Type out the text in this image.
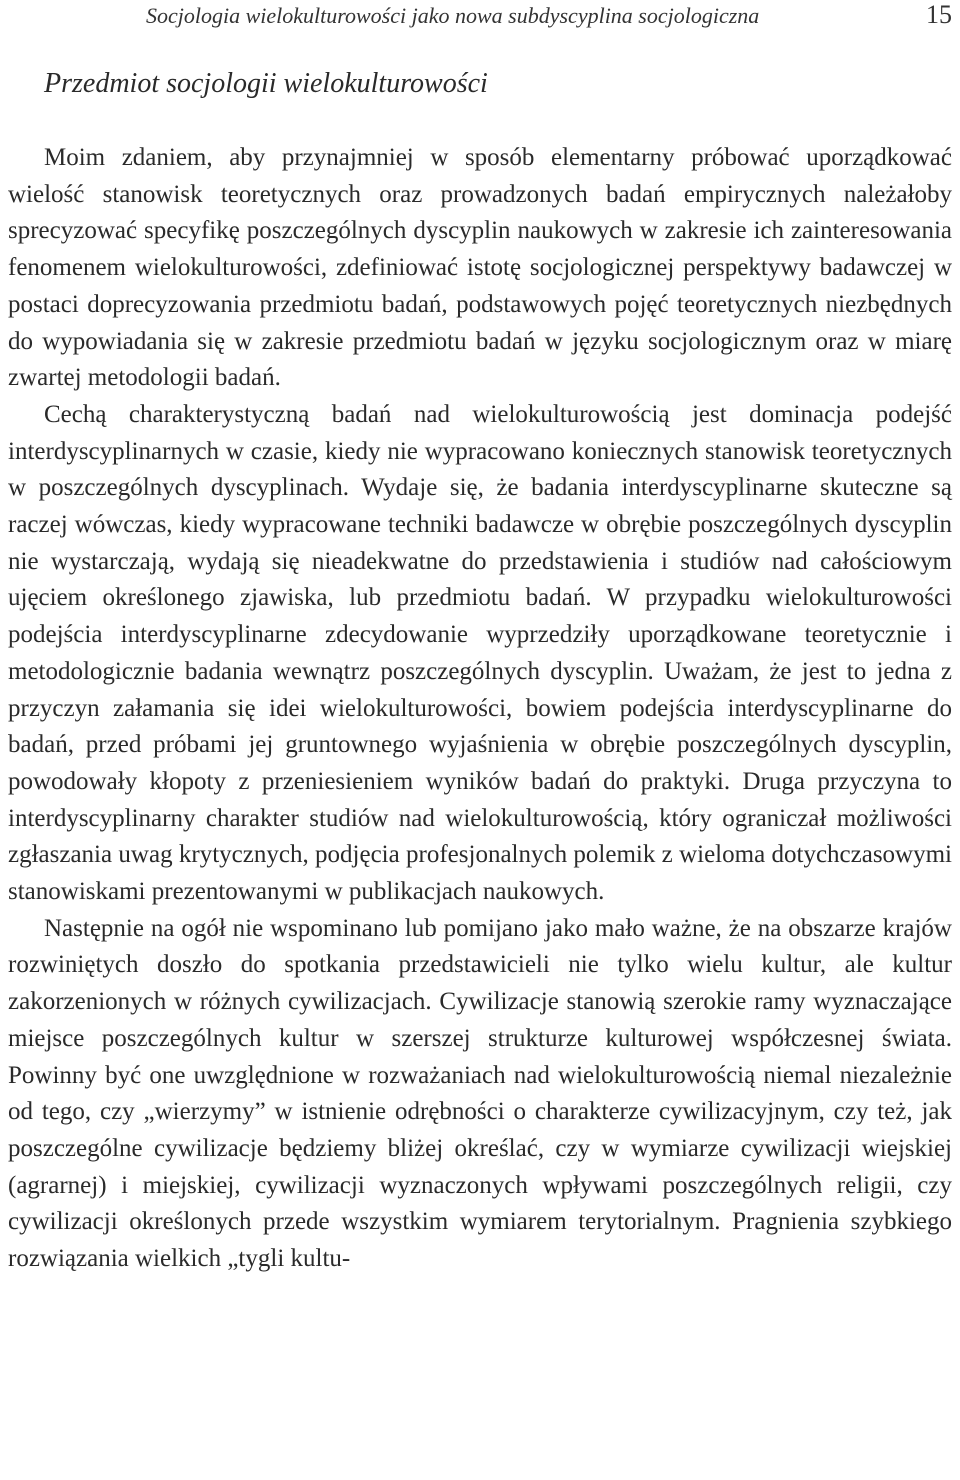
Socjologia wielokulturowości jako nowa subdyscyplina socjologiczna	15
Przedmiot socjologii wielokulturowości

Moim zdaniem, aby przynajmniej w sposób elementarny próbować uporządkować wielość stanowisk teoretycznych oraz prowadzonych badań empirycznych należałoby sprecyzować specyfikę poszczególnych dyscyplin naukowych w zakresie ich zainteresowania fenomenem wielokulturowości, zdefiniować istotę socjologicznej perspektywy badawczej w postaci doprecyzowania przedmiotu badań, podstawowych pojęć teoretycznych niezbędnych do wypowiadania się w zakresie przedmiotu badań w języku socjologicznym oraz w miarę zwartej metodologii badań.

Cechą charakterystyczną badań nad wielokulturowością jest dominacja podejść interdyscyplinarnych w czasie, kiedy nie wypracowano koniecznych stanowisk teoretycznych w poszczególnych dyscyplinach. Wydaje się, że badania interdyscyplinarne skuteczne są raczej wówczas, kiedy wypracowane techniki badawcze w obrębie poszczególnych dyscyplin nie wystarczają, wydają się nieadekwatne do przedstawienia i studiów nad całościowym ujęciem określonego zjawiska, lub przedmiotu badań. W przypadku wielokulturowości podejścia interdyscyplinarne zdecydowanie wyprzedziły uporządkowane teoretycznie i metodologicznie badania wewnątrz poszczególnych dyscyplin. Uważam, że jest to jedna z przyczyn załamania się idei wielokulturowości, bowiem podejścia interdyscyplinarne do badań, przed próbami jej gruntownego wyjaśnienia w obrębie poszczególnych dyscyplin, powodowały kłopoty z przeniesieniem wyników badań do praktyki. Druga przyczyna to interdyscyplinarny charakter studiów nad wielokulturowością, który ograniczał możliwości zgłaszania uwag krytycznych, podjęcia profesjonalnych polemik z wieloma dotychczasowymi stanowiskami prezentowanymi w publikacjach naukowych.

Następnie na ogół nie wspominano lub pomijano jako mało ważne, że na obszarze krajów rozwiniętych doszło do spotkania przedstawicieli nie tylko wielu kultur, ale kultur zakorzenionych w różnych cywilizacjach. Cywilizacje stanowią szerokie ramy wyznaczające miejsce poszczególnych kultur w szerszej strukturze kulturowej współczesnej świata. Powinny być one uwzględnione w rozważaniach nad wielokulturowością niemal niezależnie od tego, czy „wierzymy” w istnienie odrębności o charakterze cywilizacyjnym, czy też, jak poszczególne cywilizacje będziemy bliżej określać, czy w wymiarze cywilizacji wiejskiej (agrarnej) i miejskiej, cywilizacji wyznaczonych wpływami poszczególnych religii, czy cywilizacji określonych przede wszystkim wymiarem terytorialnym. Pragnienia szybkiego rozwiązania wielkich „tygli kultu-
